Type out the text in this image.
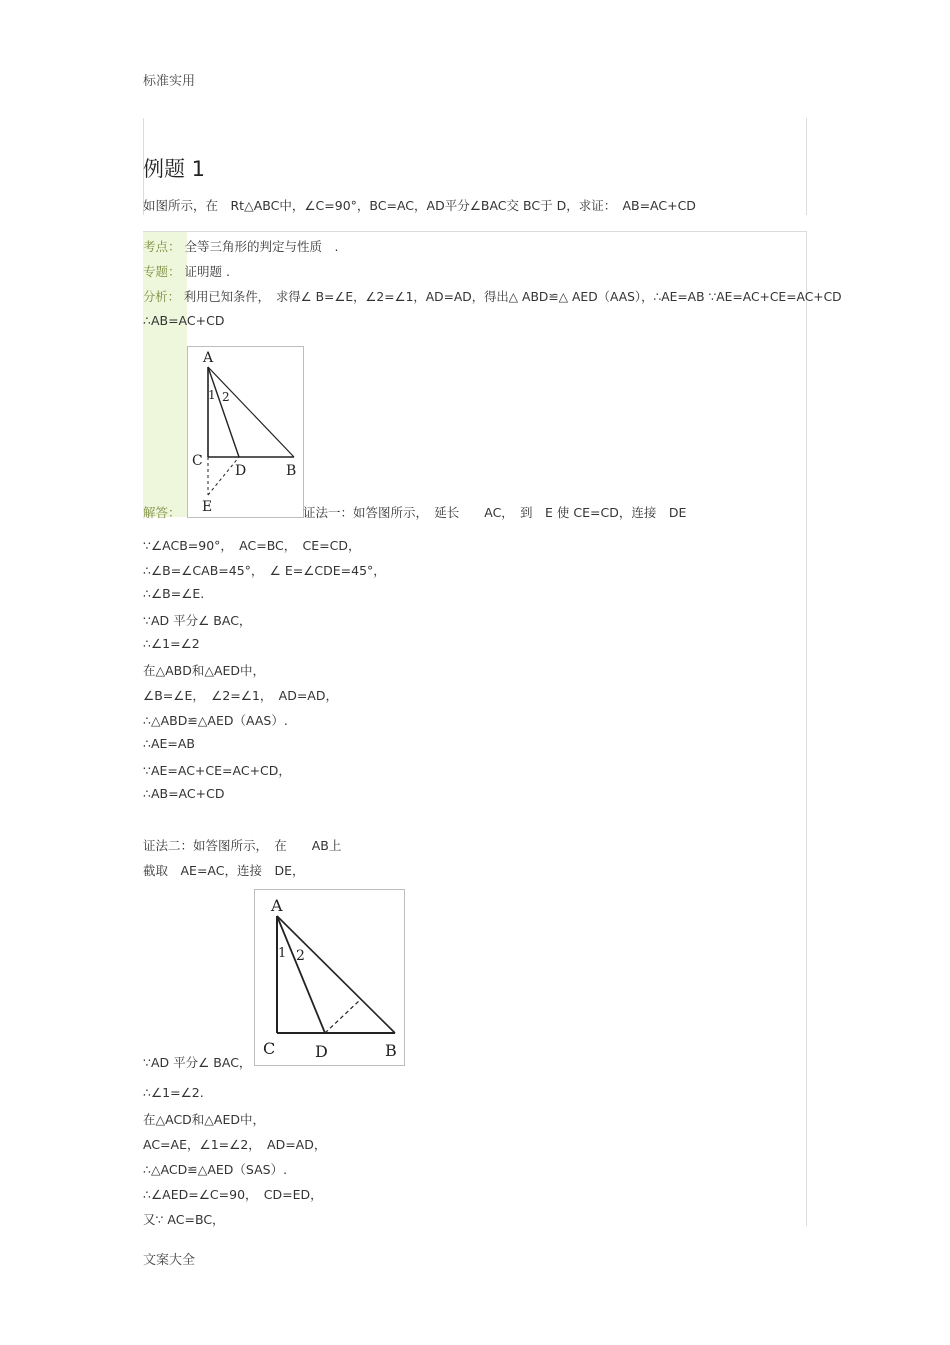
标准实用
例题 1
如图所示，在　Rt△ABC中，∠C=90°，BC=AC，AD平分∠BAC交 BC于 D，求证：　AB=AC+CD
考点： 全等三角形的判定与性质　.
专题： 证明题 .
分析： 利用已知条件，　求得∠ B=∠E，∠2=∠1，AD=AD，得出△ ABD≌△ AED（AAS），∴AE=AB ∵AE=AC+CE=AC+CD
∴AB=AC+CD
A
C
D	B
E
1 2
解答：	证法一：如答图所示，　延长　　AC，　到　E 使 CE=CD，连接　DE
∵∠ACB=90°，　AC=BC，　CE=CD，
∴∠B=∠CAB=45°，　∠ E=∠CDE=45°，
∴∠B=∠E.
∵AD 平分∠ BAC，
∴∠1=∠2
在△ABD和△AED中，
∠B=∠E，　∠2=∠1，　AD=AD，
∴△ABD≌△AED（AAS）.
∴AE=AB
∵AE=AC+CE=AC+CD，
∴AB=AC+CD
证法二：如答图所示，　在　　AB上
截取　AE=AC，连接　DE，
A
C D	B
1 2
∵AD 平分∠ BAC，
∴∠1=∠2.
在△ACD和△AED中，
AC=AE，∠1=∠2，　AD=AD，
∴△ACD≌△AED（SAS）.
∴∠AED=∠C=90，　CD=ED，
又∵ AC=BC，
文案大全
